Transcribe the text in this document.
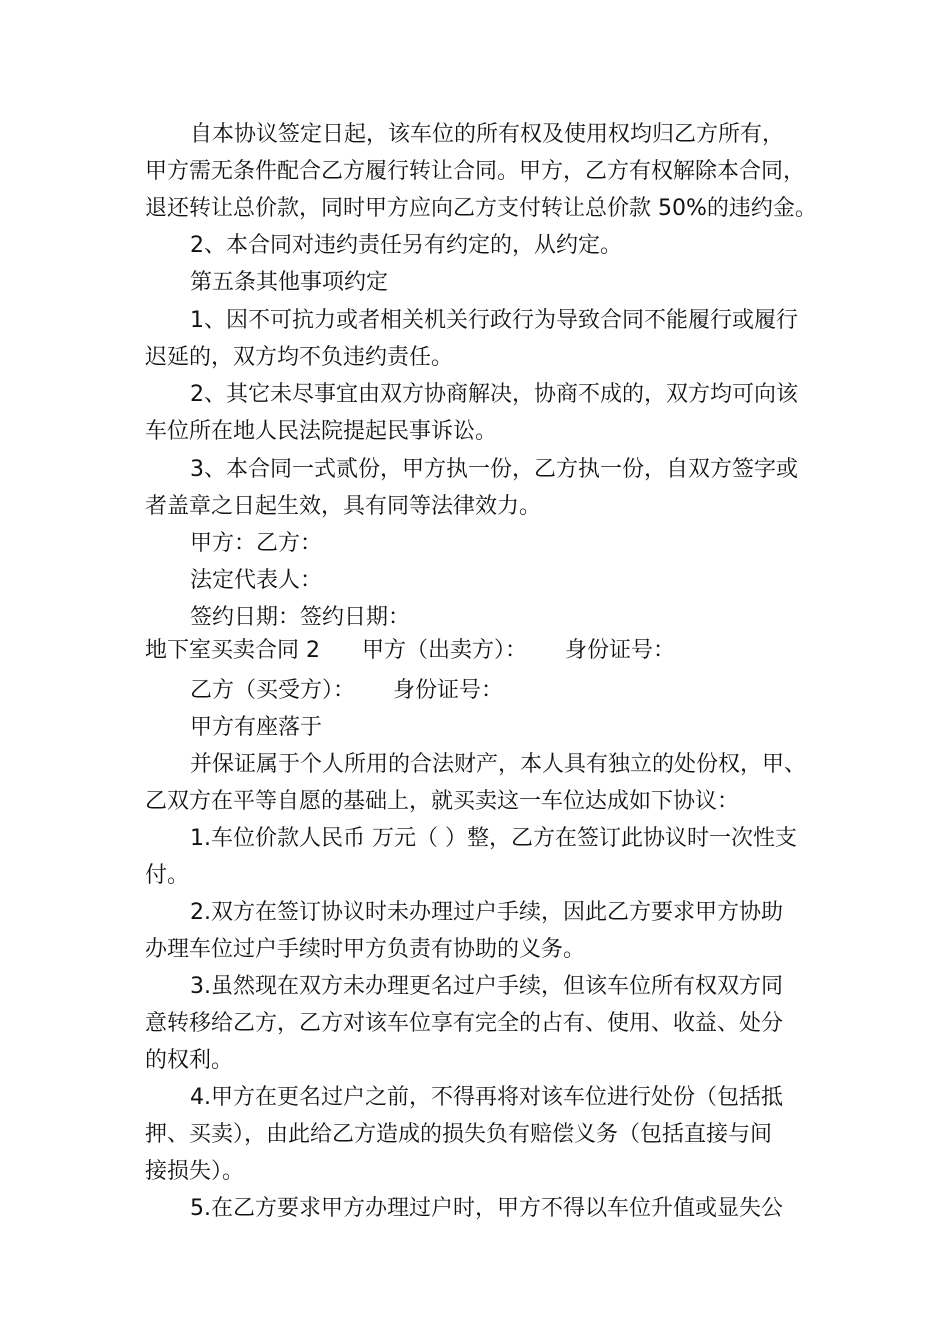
自本协议签定日起，该车位的所有权及使用权均归乙方所有，
甲方需无条件配合乙方履行转让合同。甲方，乙方有权解除本合同，
退还转让总价款，同时甲方应向乙方支付转让总价款 50%的违约金。
2、本合同对违约责任另有约定的，从约定。
第五条其他事项约定
1、因不可抗力或者相关机关行政行为导致合同不能履行或履行
迟延的，双方均不负违约责任。
2、其它未尽事宜由双方协商解决，协商不成的，双方均可向该
车位所在地人民法院提起民事诉讼。
3、本合同一式贰份，甲方执一份，乙方执一份，自双方签字或
者盖章之日起生效，具有同等法律效力。
甲方：乙方：
法定代表人：
签约日期：签约日期：
地下室买卖合同 2 甲方（出卖方）： 身份证号：
乙方（买受方）： 身份证号：
甲方有座落于
并保证属于个人所用的合法财产，本人具有独立的处份权，甲、
乙双方在平等自愿的基础上，就买卖这一车位达成如下协议：
1.车位价款人民币 万元（ ）整，乙方在签订此协议时一次性支
付。
2.双方在签订协议时未办理过户手续，因此乙方要求甲方协助
办理车位过户手续时甲方负责有协助的义务。
3.虽然现在双方未办理更名过户手续，但该车位所有权双方同
意转移给乙方，乙方对该车位享有完全的占有、使用、收益、处分
的权利。
4.甲方在更名过户之前，不得再将对该车位进行处份（包括抵
押、买卖），由此给乙方造成的损失负有赔偿义务（包括直接与间
接损失）。
5.在乙方要求甲方办理过户时，甲方不得以车位升值或显失公
